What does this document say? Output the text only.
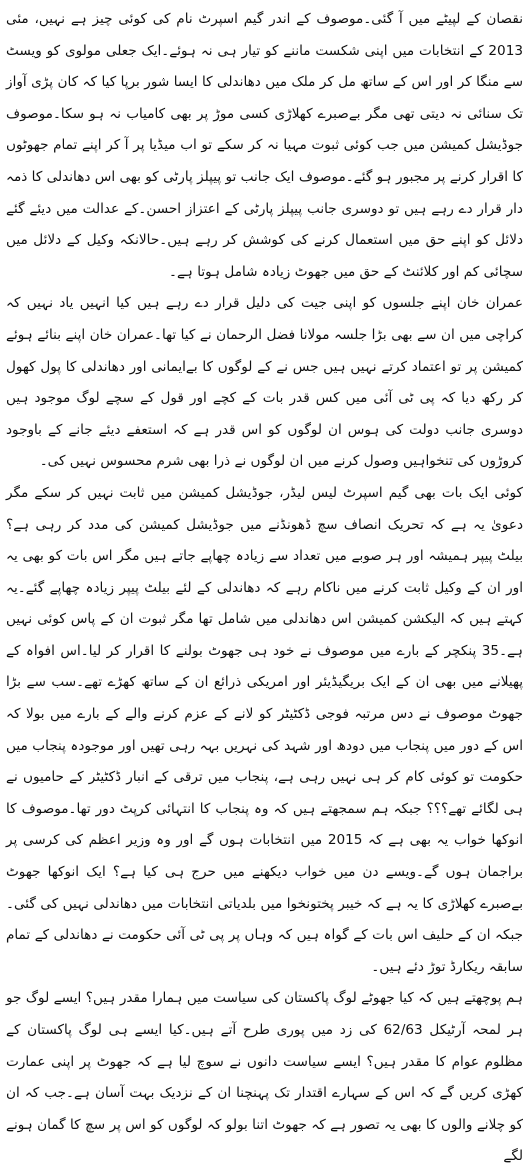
نقصان کے لپیٹے میں آ گئی۔موصوف کے اندر گیم اسپرٹ نام کی کوئی چیز ہے نہیں، مئی 2013 کے انتخابات میں اپنی شکست ماننے کو تیار ہی نہ ہوئے۔ایک جعلی مولوی کو ویسٹ سے منگا کر اور اس کے ساتھ مل کر ملک میں دھاندلی کا ایسا شور برپا کیا کہ کان پڑی آواز تک سنائی نہ دیتی تھی مگر بےصبرے کھلاڑی کسی موڑ پر بھی کامیاب نہ ہو سکا۔موصوف جوڈیشل کمیشن میں جب کوئی ثبوت مہیا نہ کر سکے تو اب میڈیا پر آ کر اپنے تمام جھوٹوں کا اقرار کرنے پر مجبور ہو گئے۔موصوف ایک جانب تو پیپلز پارٹی کو بھی اس دھاندلی کا ذمہ دار قرار دے رہے ہیں تو دوسری جانب پیپلز پارٹی کے اعتزاز احسن۔کے عدالت میں دیئے گئے دلائل کو اپنے حق میں استعمال کرنے کی کوشش کر رہے ہیں۔حالانکہ وکیل کے دلائل میں سچائی کم اور کلائنٹ کے حق میں جھوٹ زیادہ شامل ہوتا ہے۔

عمران خان اپنے جلسوں کو اپنی جیت کی دلیل قرار دے رہے ہیں کیا انہیں یاد نہیں کہ کراچی میں ان سے بھی بڑا جلسہ مولانا فضل الرحمان نے کیا تھا۔عمران خان اپنے بنائے ہوئے کمیشن پر تو اعتماد کرتے نہیں ہیں جس نے کے لوگوں کا بےایمانی اور دھاندلی کا پول کھول کر رکھ دیا کہ پی ٹی آئی میں کس قدر بات کے کچے اور قول کے سچے لوگ موجود ہیں دوسری جانب دولت کی ہوس ان لوگوں کو اس قدر ہے کہ استعفے دیئے جانے کے باوجود کروڑوں کی تنخواہیں وصول کرنے میں ان لوگوں نے ذرا بھی شرم محسوس نہیں کی۔

کوئی ایک بات بھی گیم اسپرٹ لیس لیڈر، جوڈیشل کمیشن میں ثابت نہیں کر سکے مگر دعویٰ یہ ہے کہ تحریک انصاف سچ ڈھونڈنے میں جوڈیشل کمیشن کی مدد کر رہی ہے؟ بیلٹ پیپر ہمیشہ اور ہر صوبے میں تعداد سے زیادہ چھاپے جاتے ہیں مگر اس بات کو بھی یہ اور ان کے وکیل ثابت کرنے میں ناکام رہے کہ دھاندلی کے لئے بیلٹ پیپر زیادہ چھاپے گئے۔یہ کہتے ہیں کہ الیکشن کمیشن اس دھاندلی میں شامل تھا مگر ثبوت ان کے پاس کوئی نہیں ہے۔35 پنکچر کے بارے میں موصوف نے خود ہی جھوٹ بولنے کا اقرار کر لیا۔اس افواہ کے پھیلانے میں بھی ان کے ایک بریگیڈیئر اور امریکی ذرائع ان کے ساتھ کھڑے تھے۔سب سے بڑا جھوٹ موصوف نے دس مرتبہ فوجی ڈکٹیٹر کو لانے کے عزم کرنے والے کے بارے میں بولا کہ اس کے دور میں پنجاب میں دودھ اور شہد کی نہریں بہہ رہی تھیں اور موجودہ پنجاب میں حکومت تو کوئی کام کر ہی نہیں رہی ہے، پنجاب میں ترقی کے انبار ڈکٹیٹر کے حامیوں نے ہی لگائے تھے؟؟؟ جبکہ ہم سمجھتے ہیں کہ وہ پنجاب کا انتہائی کرپٹ دور تھا۔موصوف کا انوکھا خواب یہ بھی ہے کہ 2015 میں انتخابات ہوں گے اور وہ وزیر اعظم کی کرسی پر براجمان ہوں گے۔ویسے دن میں خواب دیکھنے میں حرج ہی کیا ہے؟ ایک انوکھا جھوٹ بےصبرے کھلاڑی کا یہ ہے کہ خیبر پختونخوا میں بلدیاتی انتخابات میں دھاندلی نہیں کی گئی۔جبکہ ان کے حلیف اس بات کے گواہ ہیں کہ وہاں پر پی ٹی آئی حکومت نے دھاندلی کے تمام سابقہ ریکارڈ توڑ دئے ہیں۔

ہم پوچھتے ہیں کہ کیا جھوٹے لوگ پاکستان کی سیاست میں ہمارا مقدر ہیں؟ ایسے لوگ جو ہر لمحہ آرٹیکل 62/63 کی زد میں پوری طرح آتے ہیں۔کیا ایسے ہی لوگ پاکستان کے مظلوم عوام کا مقدر ہیں؟ ایسے سیاست دانوں نے سوچ لیا ہے کہ جھوٹ پر اپنی عمارت کھڑی کریں گے کہ اس کے سہارے اقتدار تک پہنچنا ان کے نزدیک بہت آسان ہے۔جب کہ ان کو چلانے والوں کا بھی یہ تصور ہے کہ جھوٹ اتنا بولو کہ لوگوں کو اس پر سچ کا گمان ہونے لگے
